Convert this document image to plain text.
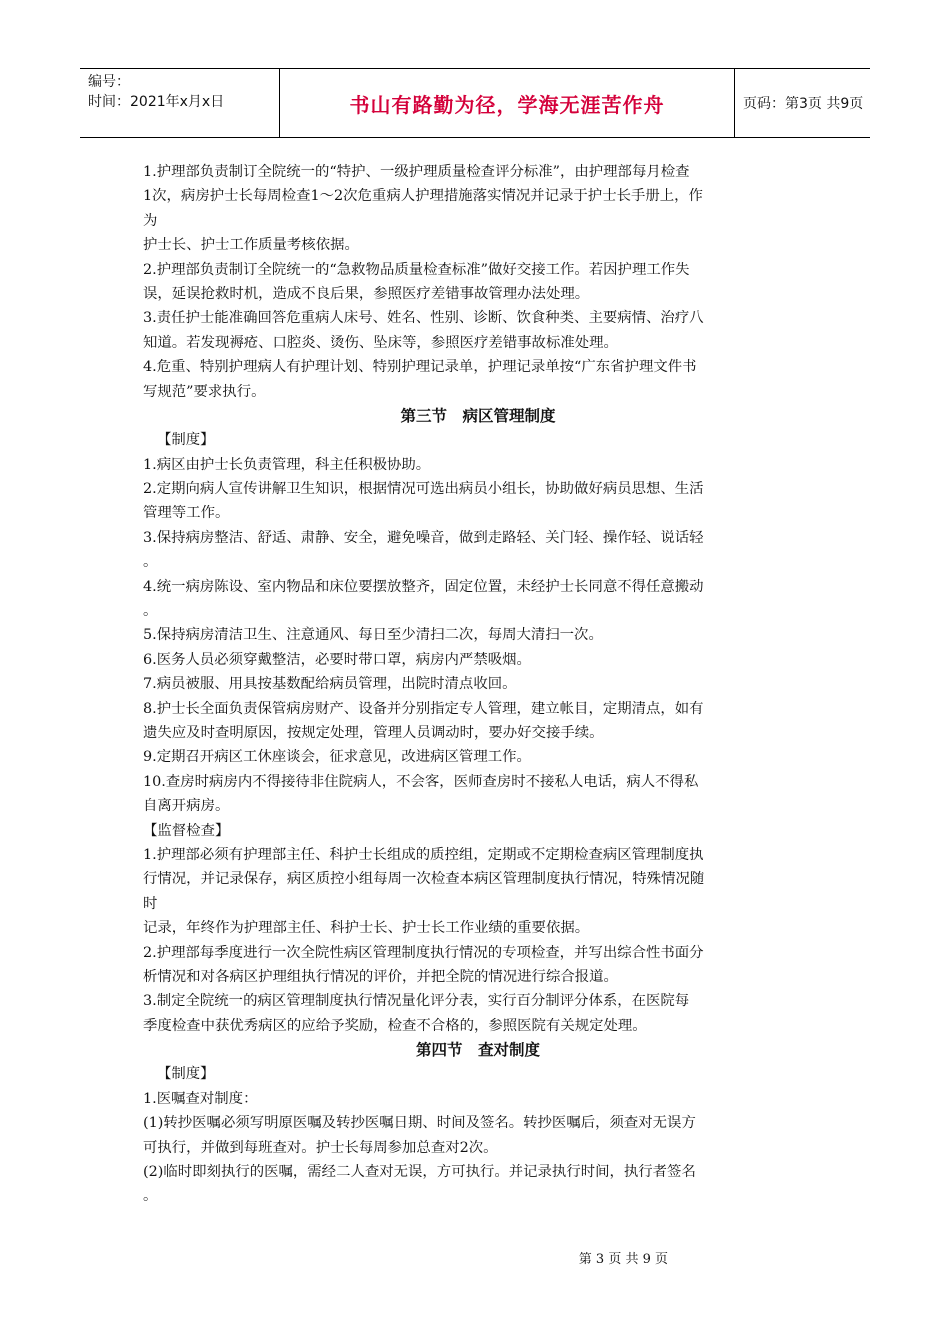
编号：
时间：2021年x月x日	书山有路勤为径，学海无涯苦作舟	页码：第3页 共9页
1.护理部负责制订全院统一的“特护、一级护理质量检查评分标准”，由护理部每月检查
1次，病房护士长每周检查1～2次危重病人护理措施落实情况并记录于护士长手册上，作
为
护士长、护士工作质量考核依据。
2.护理部负责制订全院统一的“急救物品质量检查标准”做好交接工作。若因护理工作失
误，延误抢救时机，造成不良后果，参照医疗差错事故管理办法处理。
3.责任护士能准确回答危重病人床号、姓名、性别、诊断、饮食种类、主要病情、治疗八
知道。若发现褥疮、口腔炎、烫伤、坠床等，参照医疗差错事故标准处理。
4.危重、特别护理病人有护理计划、特别护理记录单，护理记录单按“广东省护理文件书
写规范”要求执行。
第三节　病区管理制度
【制度】
1.病区由护士长负责管理，科主任积极协助。
2.定期向病人宣传讲解卫生知识，根据情况可选出病员小组长，协助做好病员思想、生活
管理等工作。
3.保持病房整洁、舒适、肃静、安全，避免噪音，做到走路轻、关门轻、操作轻、说话轻
。
4.统一病房陈设、室内物品和床位要摆放整齐，固定位置，未经护士长同意不得任意搬动
。
5.保持病房清洁卫生、注意通风、每日至少清扫二次，每周大清扫一次。
6.医务人员必须穿戴整洁，必要时带口罩，病房内严禁吸烟。
7.病员被服、用具按基数配给病员管理，出院时清点收回。
8.护士长全面负责保管病房财产、设备并分别指定专人管理，建立帐目，定期清点，如有
遗失应及时查明原因，按规定处理，管理人员调动时，要办好交接手续。
9.定期召开病区工休座谈会，征求意见，改进病区管理工作。
10.查房时病房内不得接待非住院病人，不会客，医师查房时不接私人电话，病人不得私
自离开病房。
【监督检查】
1.护理部必须有护理部主任、科护士长组成的质控组，定期或不定期检查病区管理制度执
行情况，并记录保存，病区质控小组每周一次检查本病区管理制度执行情况，特殊情况随
时
记录，年终作为护理部主任、科护士长、护士长工作业绩的重要依据。
2.护理部每季度进行一次全院性病区管理制度执行情况的专项检查，并写出综合性书面分
析情况和对各病区护理组执行情况的评价，并把全院的情况进行综合报道。
3.制定全院统一的病区管理制度执行情况量化评分表，实行百分制评分体系，在医院每
季度检查中获优秀病区的应给予奖励，检查不合格的，参照医院有关规定处理。
第四节　查对制度
【制度】
1.医嘱查对制度：
(1)转抄医嘱必须写明原医嘱及转抄医嘱日期、时间及签名。转抄医嘱后，须查对无误方
可执行，并做到每班查对。护士长每周参加总查对2次。
(2)临时即刻执行的医嘱，需经二人查对无误，方可执行。并记录执行时间，执行者签名
。
第 3 页 共 9 页
